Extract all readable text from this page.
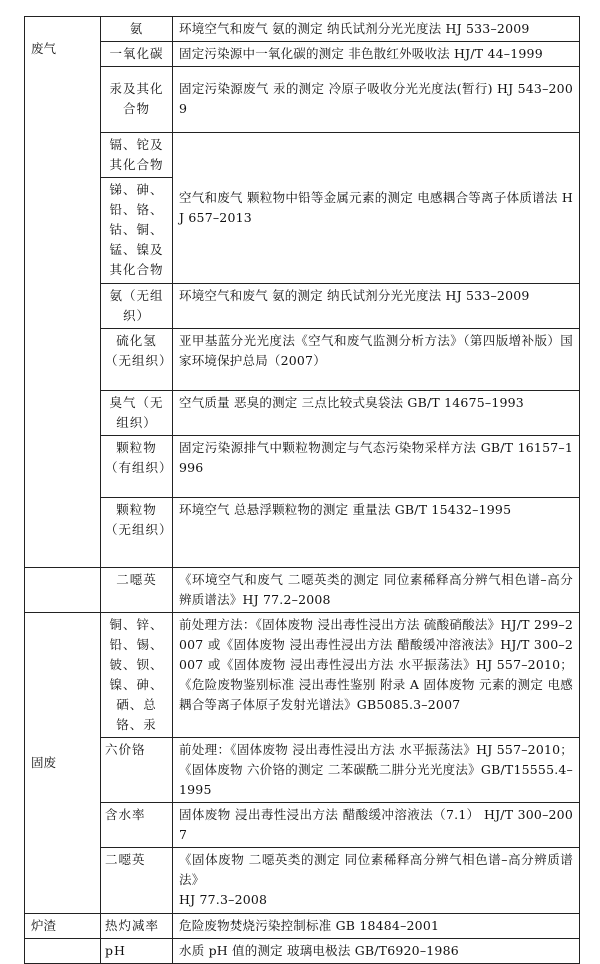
废气	氨	环境空气和废气 氨的测定 纳氏试剂分光光度法 HJ 533–2009
	一氧化碳	固定污染源中一氧化碳的测定 非色散红外吸收法 HJ/T 44–1999
	汞及其化合物	固定污染源废气 汞的测定 冷原子吸收分光光度法(暂行) HJ 543–2009
	镉、铊及其化合物	空气和废气 颗粒物中铅等金属元素的测定 电感耦合等离子体质谱法 HJ 657–2013
	锑、砷、铅、铬、钴、铜、锰、镍及其化合物	
	氨（无组织）	环境空气和废气 氨的测定 纳氏试剂分光光度法 HJ 533–2009
	硫化氢（无组织）	亚甲基蓝分光光度法《空气和废气监测分析方法》（第四版增补版）国家环境保护总局（2007）
	臭气（无组织）	空气质量 恶臭的测定 三点比较式臭袋法 GB/T 14675–1993
	颗粒物（有组织）	固定污染源排气中颗粒物测定与气态污染物采样方法 GB/T 16157–1996
	颗粒物（无组织）	环境空气 总悬浮颗粒物的测定 重量法 GB/T 15432–1995
	二噁英	《环境空气和废气 二噁英类的测定 同位素稀释高分辨气相色谱–高分辨质谱法》HJ 77.2–2008
固废	铜、锌、铅、锡、铍、钡、镍、砷、硒、总铬、汞	前处理方法：《固体废物 浸出毒性浸出方法 硫酸硝酸法》HJ/T 299–2007 或《固体废物 浸出毒性浸出方法 醋酸缓冲溶液法》HJ/T 300–2007 或《固体废物 浸出毒性浸出方法 水平振荡法》HJ 557–2010；《危险废物鉴别标准 浸出毒性鉴别 附录 A 固体废物 元素的测定 电感耦合等离子体原子发射光谱法》GB5085.3–2007
	六价铬	前处理：《固体废物 浸出毒性浸出方法 水平振荡法》HJ 557–2010；《固体废物 六价铬的测定 二苯碳酰二肼分光光度法》GB/T15555.4–1995
	含水率	固体废物 浸出毒性浸出方法 醋酸缓冲溶液法（7.1） HJ/T 300–2007
	二噁英	《固体废物 二噁英类的测定 同位素稀释高分辨气相色谱–高分辨质谱法》
HJ 77.3–2008

炉渣	热灼减率	危险废物焚烧污染控制标准 GB 18484–2001
	pH	水质 pH 值的测定 玻璃电极法 GB/T6920–1986
